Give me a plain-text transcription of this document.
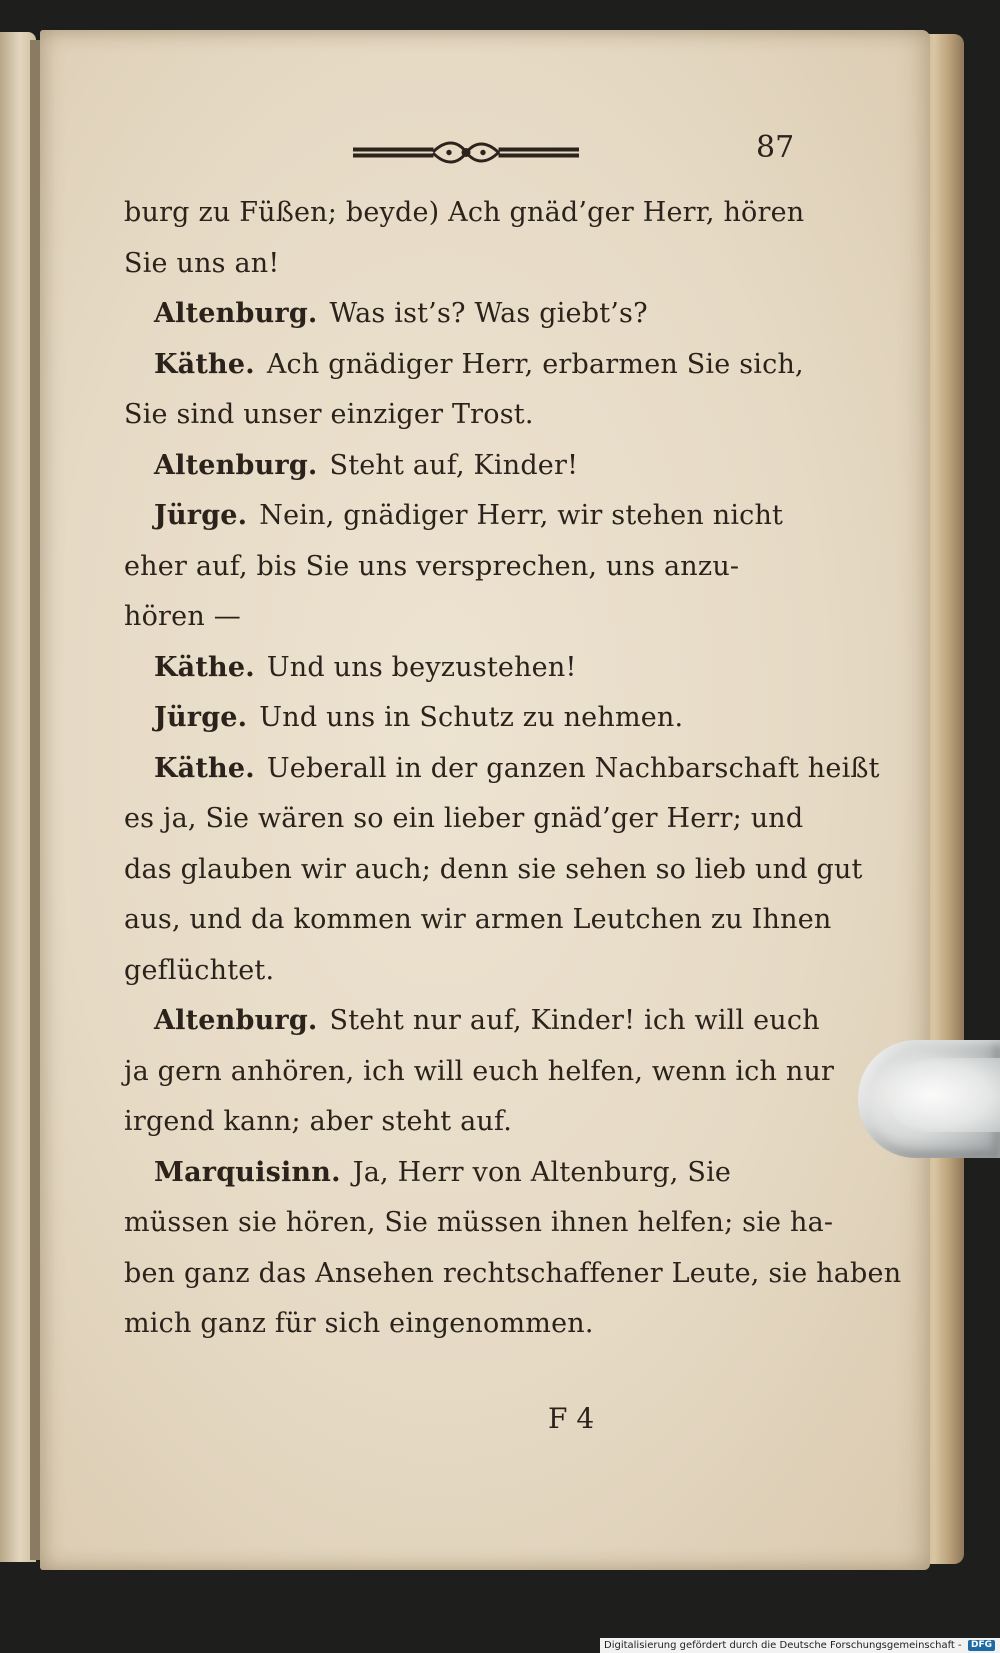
87
burg zu Füßen; beyde) Ach gnäd’ger Herr, hören
Sie uns an!
Altenburg. Was ist’s? Was giebt’s?
Käthe. Ach gnädiger Herr, erbarmen Sie sich,
Sie sind unser einziger Trost.
Altenburg. Steht auf, Kinder!
Jürge. Nein, gnädiger Herr, wir stehen nicht
eher auf, bis Sie uns versprechen, uns anzu-
hören —
Käthe. Und uns beyzustehen!
Jürge. Und uns in Schutz zu nehmen.
Käthe. Ueberall in der ganzen Nachbarschaft heißt
es ja, Sie wären so ein lieber gnäd’ger Herr; und
das glauben wir auch; denn sie sehen so lieb und gut
aus, und da kommen wir armen Leutchen zu Ihnen
geflüchtet.
Altenburg. Steht nur auf, Kinder! ich will euch
ja gern anhören, ich will euch helfen, wenn ich nur
irgend kann; aber steht auf.
Marquisinn. Ja, Herr von Altenburg, Sie
müssen sie hören, Sie müssen ihnen helfen; sie ha-
ben ganz das Ansehen rechtschaffener Leute, sie haben
mich ganz für sich eingenommen.
F 4
Digitalisierung gefördert durch die Deutsche Forschungsgemeinschaft -	DFG
